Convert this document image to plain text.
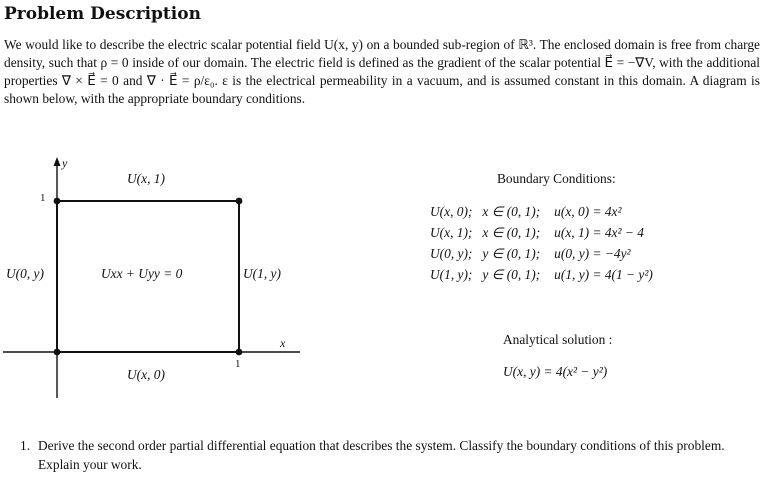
Problem Description

We would like to describe the electric scalar potential field U(x, y) on a bounded sub-region of ℝ³. The enclosed domain is free from charge density, such that ρ = 0 inside of our domain. The electric field is defined as the gradient of the scalar potential E⃗ = −∇V, with the additional properties ∇ × E⃗ = 0 and ∇ · E⃗ = ρ/ε₀. ε is the electrical permeability in a vacuum, and is assumed constant in this domain. A diagram is shown below, with the appropriate boundary conditions.

y
1
1
x
U(x, 1)
U(x, 0)
U(0, y)	U(1, y)
Uxx + Uyy = 0
Boundary Conditions:
U(x, 0);	x ∈ (0, 1);	u(x, 0) = 4x²
U(x, 1);	x ∈ (0, 1);	u(x, 1) = 4x² − 4
U(0, y);	y ∈ (0, 1);	u(0, y) = −4y²
U(1, y);	y ∈ (0, 1);	u(1, y) = 4(1 − y²)
Analytical solution :
U(x, y) = 4(x² − y²)
1. Derive the second order partial differential equation that describes the system. Classify the boundary conditions of this problem. Explain your work.
